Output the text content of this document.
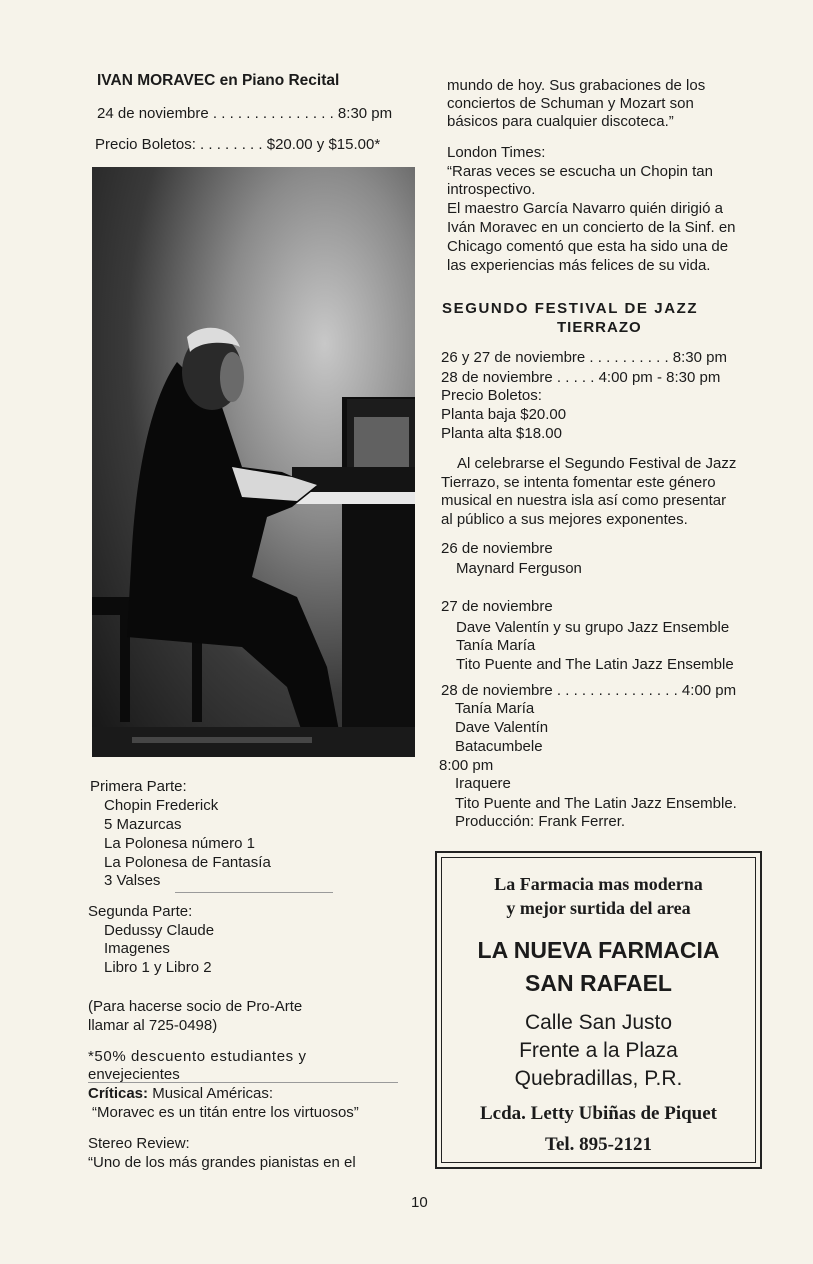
IVAN MORAVEC en Piano Recital
24 de noviembre . . . . . . . . . . . . . . . 8:30 pm
Precio Boletos: . . . . . . . . $20.00 y $15.00*
Primera Parte:
Chopin Frederick
5 Mazurcas
La Polonesa número 1
La Polonesa de Fantasía
3 Valses
Segunda Parte:
Dedussy Claude
Imagenes
Libro 1 y Libro 2
(Para hacerse socio de Pro-Arte
llamar al 725-0498)
*50% descuento estudiantes y
envejecientes
Críticas: Musical Américas:
“Moravec es un titán entre los virtuosos”
Stereo Review:
“Uno de los más grandes pianistas en el
mundo de hoy. Sus grabaciones de los
conciertos de Schuman y Mozart son
básicos para cualquier discoteca.”
London Times:
“Raras veces se escucha un Chopin tan
introspectivo.
El maestro García Navarro quién dirigió a
Iván Moravec en un concierto de la Sinf. en
Chicago comentó que esta ha sido una de
las experiencias más felices de su vida.
SEGUNDO FESTIVAL DE JAZZ
TIERRAZO
26 y 27 de noviembre . . . . . . . . . . 8:30 pm
28 de noviembre . . . . . 4:00 pm - 8:30 pm
Precio Boletos:
Planta baja $20.00
Planta alta $18.00
Al celebrarse el Segundo Festival de Jazz
Tierrazo, se intenta fomentar este género
musical en nuestra isla así como presentar
al público a sus mejores exponentes.
26 de noviembre
Maynard Ferguson
27 de noviembre
Dave Valentín y su grupo Jazz Ensemble
Tanía María
Tito Puente and The Latin Jazz Ensemble
28 de noviembre . . . . . . . . . . . . . . . 4:00 pm
Tanía María
Dave Valentín
Batacumbele
8:00 pm
Iraquere
Tito Puente and The Latin Jazz Ensemble.
Producción: Frank Ferrer.
La Farmacia mas moderna
y mejor surtida del area
LA NUEVA FARMACIA
SAN RAFAEL
Calle San Justo
Frente a la Plaza
Quebradillas, P.R.
Lcda. Letty Ubiñas de Piquet
Tel. 895-2121
10
